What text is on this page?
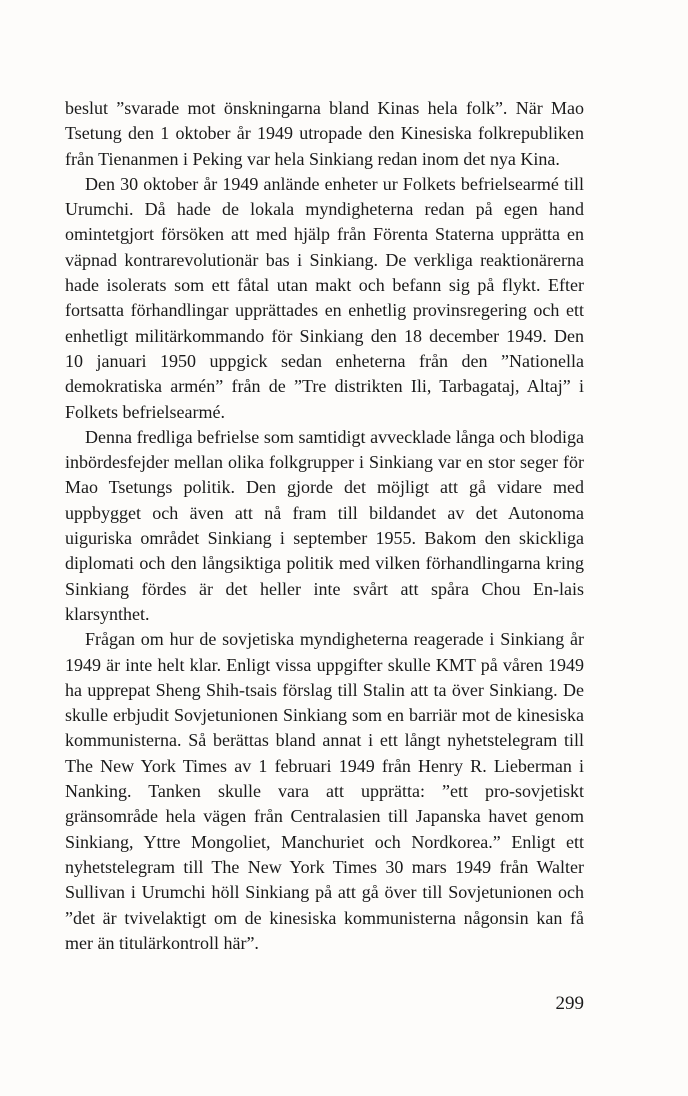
beslut ”svarade mot önskningarna bland Kinas hela folk”. När Mao Tsetung den 1 oktober år 1949 utropade den Kinesiska folkrepubliken från Tienanmen i Peking var hela Sinkiang redan inom det nya Kina.

Den 30 oktober år 1949 anlände enheter ur Folkets befrielsearmé till Urumchi. Då hade de lokala myndigheterna redan på egen hand omintetgjort försöken att med hjälp från Förenta Staterna upprätta en väpnad kontrarevolutionär bas i Sinkiang. De verkliga reaktionärerna hade isolerats som ett fåtal utan makt och befann sig på flykt. Efter fortsatta förhandlingar upprättades en enhetlig provinsregering och ett enhetligt militärkommando för Sinkiang den 18 december 1949. Den 10 januari 1950 uppgick sedan enheterna från den ”Nationella demokratiska armén” från de ”Tre distrikten Ili, Tarbagataj, Altaj” i Folkets befrielsearmé.

Denna fredliga befrielse som samtidigt avvecklade långa och blodiga inbördesfejder mellan olika folkgrupper i Sinkiang var en stor seger för Mao Tsetungs politik. Den gjorde det möjligt att gå vidare med uppbygget och även att nå fram till bildandet av det Autonoma uiguriska området Sinkiang i september 1955. Bakom den skickliga diplomati och den långsiktiga politik med vilken förhandlingarna kring Sinkiang fördes är det heller inte svårt att spåra Chou En-lais klarsynthet.

Frågan om hur de sovjetiska myndigheterna reagerade i Sinkiang år 1949 är inte helt klar. Enligt vissa uppgifter skulle KMT på våren 1949 ha upprepat Sheng Shih-tsais förslag till Stalin att ta över Sinkiang. De skulle erbjudit Sovjetunionen Sinkiang som en barriär mot de kinesiska kommunisterna. Så berättas bland annat i ett långt nyhetstelegram till The New York Times av 1 februari 1949 från Henry R. Lieberman i Nanking. Tanken skulle vara att upprätta: ”ett pro-sovjetiskt gränsområde hela vägen från Centralasien till Japanska havet genom Sinkiang, Yttre Mongoliet, Manchuriet och Nordkorea.” Enligt ett nyhetstelegram till The New York Times 30 mars 1949 från Walter Sullivan i Urumchi höll Sinkiang på att gå över till Sovjetunionen och ”det är tvivelaktigt om de kinesiska kommunisterna någonsin kan få mer än titulärkontroll här”.

299
